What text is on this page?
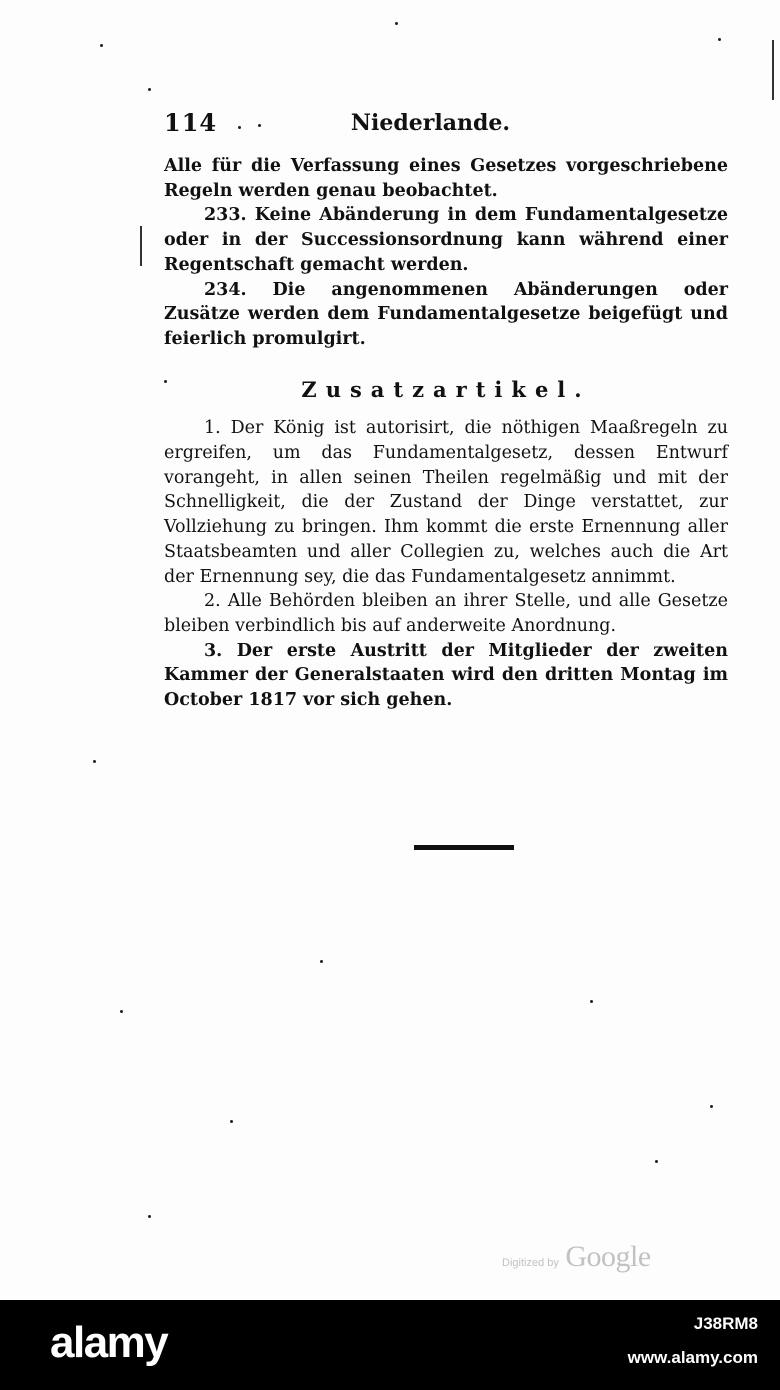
114	Niederlande.

Alle für die Verfassung eines Gesetzes vorgeschriebene Regeln werden genau beobachtet.

233. Keine Abänderung in dem Fundamentalgesetze oder in der Successionsordnung kann während einer Regentschaft gemacht werden.

234. Die angenommenen Abänderungen oder Zusätze werden dem Fundamentalgesetze beigefügt und feierlich promulgirt.

Zusatzartikel.

1. Der König ist autorisirt, die nöthigen Maaßregeln zu ergreifen, um das Fundamentalgesetz, dessen Entwurf vorangeht, in allen seinen Theilen regelmäßig und mit der Schnelligkeit, die der Zustand der Dinge verstattet, zur Vollziehung zu bringen. Ihm kommt die erste Ernennung aller Staatsbeamten und aller Collegien zu, welches auch die Art der Ernennung sey, die das Fundamentalgesetz annimmt.

2. Alle Behörden bleiben an ihrer Stelle, und alle Gesetze bleiben verbindlich bis auf anderweite Anordnung.

3. Der erste Austritt der Mitglieder der zweiten Kammer der Generalstaaten wird den dritten Montag im October 1817 vor sich gehen.

Digitized by Google
alamy	J38RM8
www.alamy.com
